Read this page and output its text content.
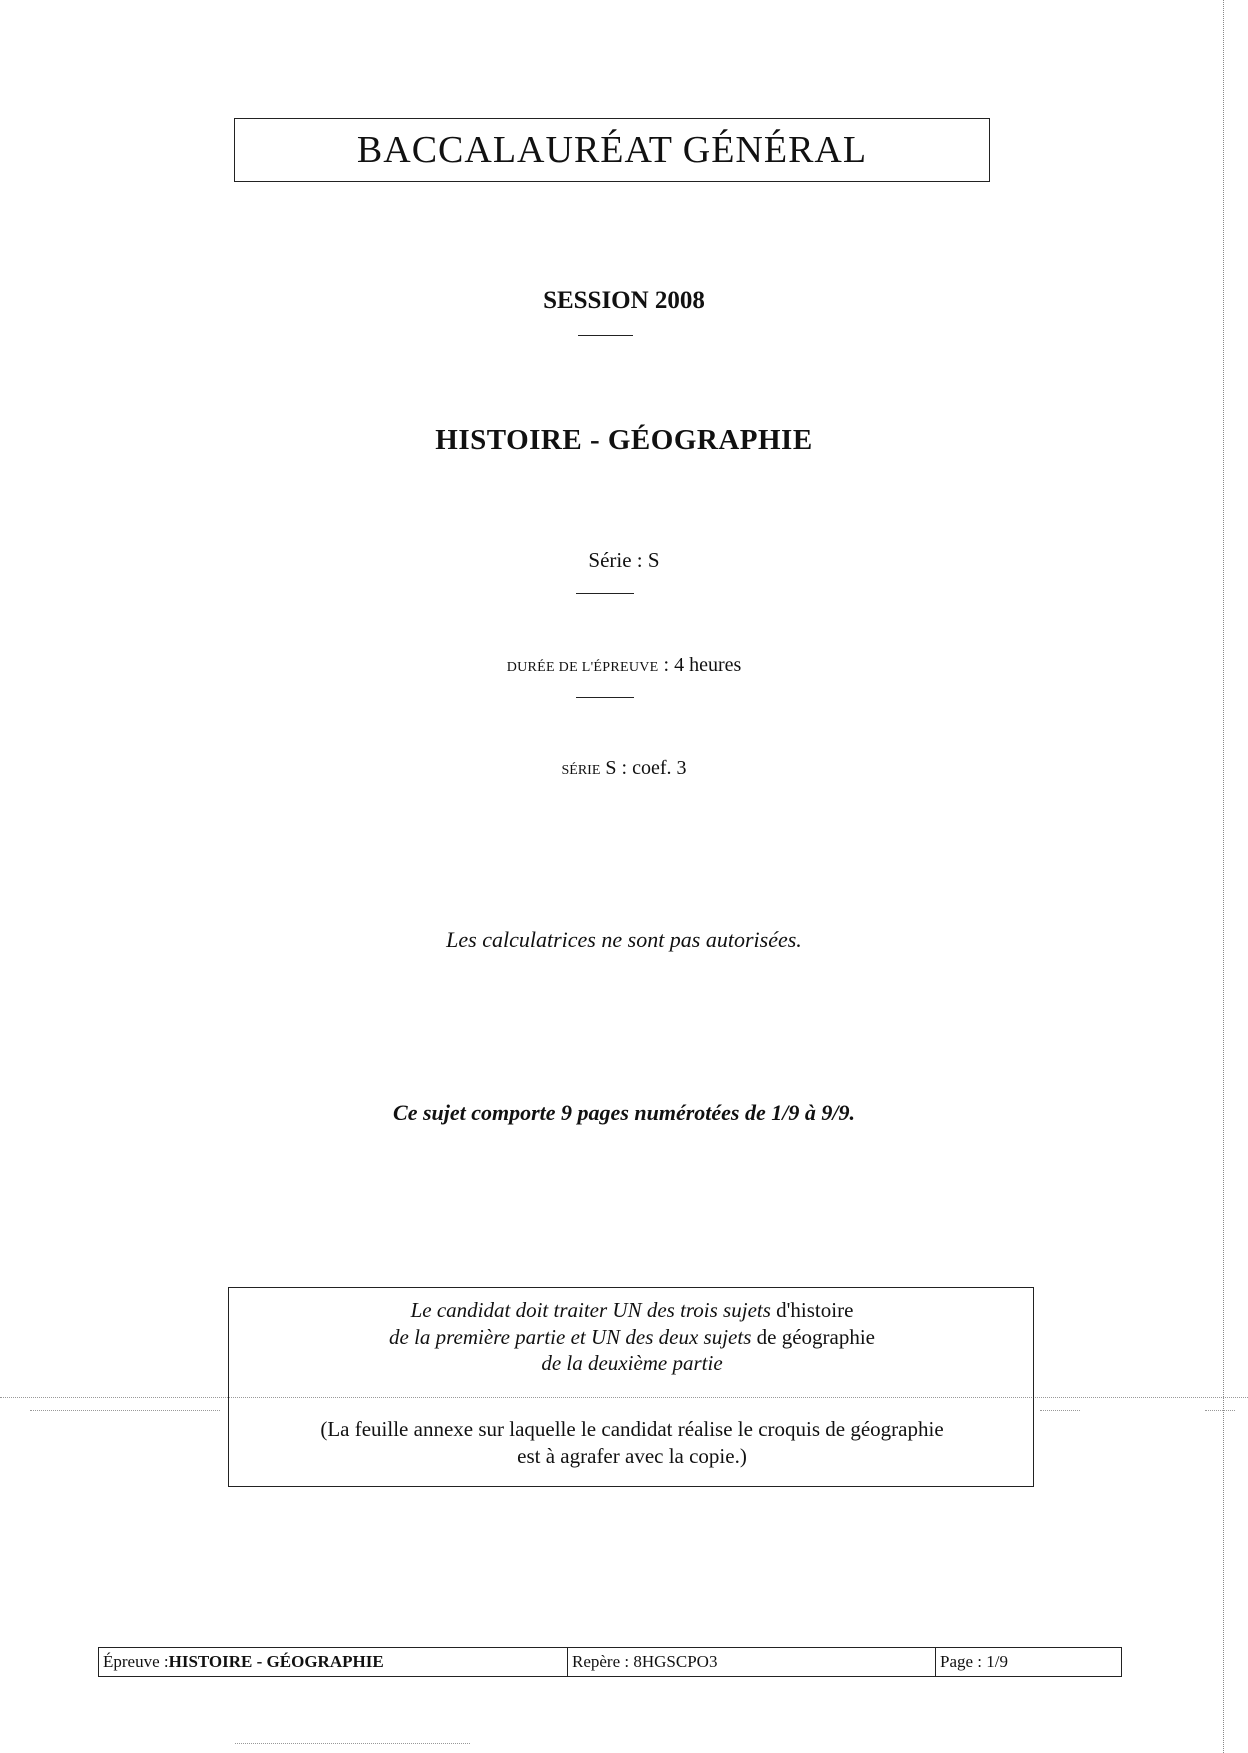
BACCALAURÉAT GÉNÉRAL
SESSION 2008
HISTOIRE - GÉOGRAPHIE
Série : S
DURÉE DE L'ÉPREUVE : 4 heures
SÉRIE S : coef. 3
Les calculatrices ne sont pas autorisées.
Ce sujet comporte 9 pages numérotées de 1/9 à 9/9.
Le candidat doit traiter UN des trois sujets d'histoire
de la première partie et UN des deux sujets de géographie
de la deuxième partie
(La feuille annexe sur laquelle le candidat réalise le croquis de géographie
est à agrafer avec la copie.)
Épreuve : HISTOIRE - GÉOGRAPHIE	Repère : 8HGSCPO3	Page : 1/9
